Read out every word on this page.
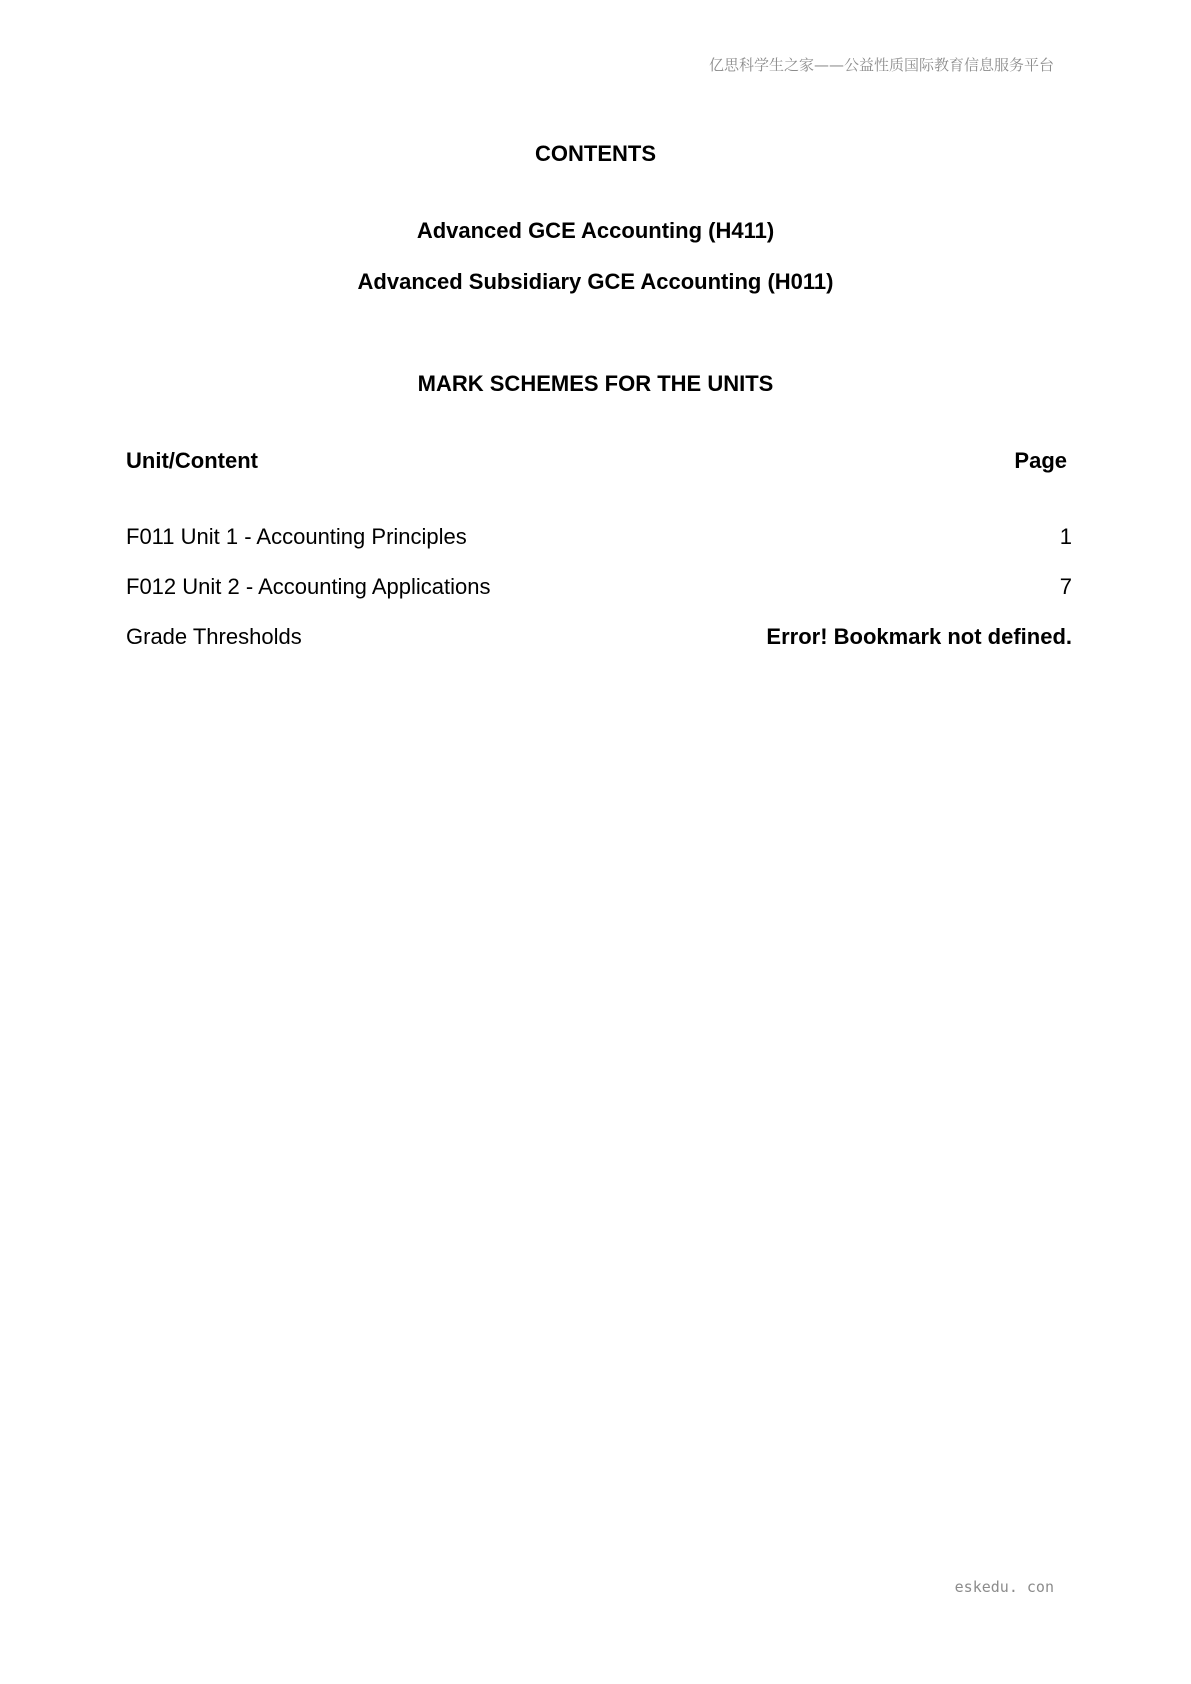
亿思科学生之家——公益性质国际教育信息服务平台
CONTENTS
Advanced GCE Accounting (H411)
Advanced Subsidiary GCE Accounting (H011)
MARK SCHEMES FOR THE UNITS
Unit/Content	Page
F011 Unit 1 - Accounting Principles	1
F012 Unit 2 - Accounting Applications	7
Grade Thresholds	Error! Bookmark not defined.
eskedu. con
